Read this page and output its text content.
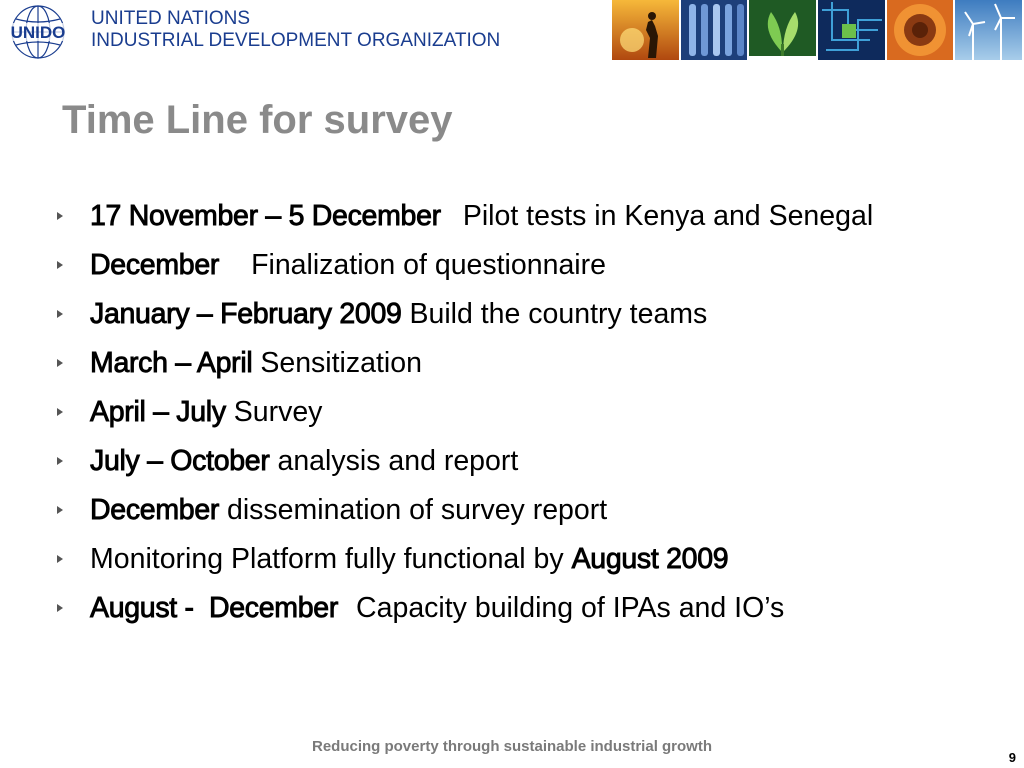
UNIDO
UNITED NATIONS
INDUSTRIAL DEVELOPMENT ORGANIZATION
Time Line for survey
17 November – 5 December Pilot tests in Kenya and Senegal
December Finalization of questionnaire
January – February 2009 Build the country teams
March – April Sensitization
April – July Survey
July – October analysis and report
December dissemination of survey report
Monitoring Platform fully functional by August 2009
August -  December Capacity building of IPAs and IO’s
Reducing poverty through sustainable industrial growth
9
